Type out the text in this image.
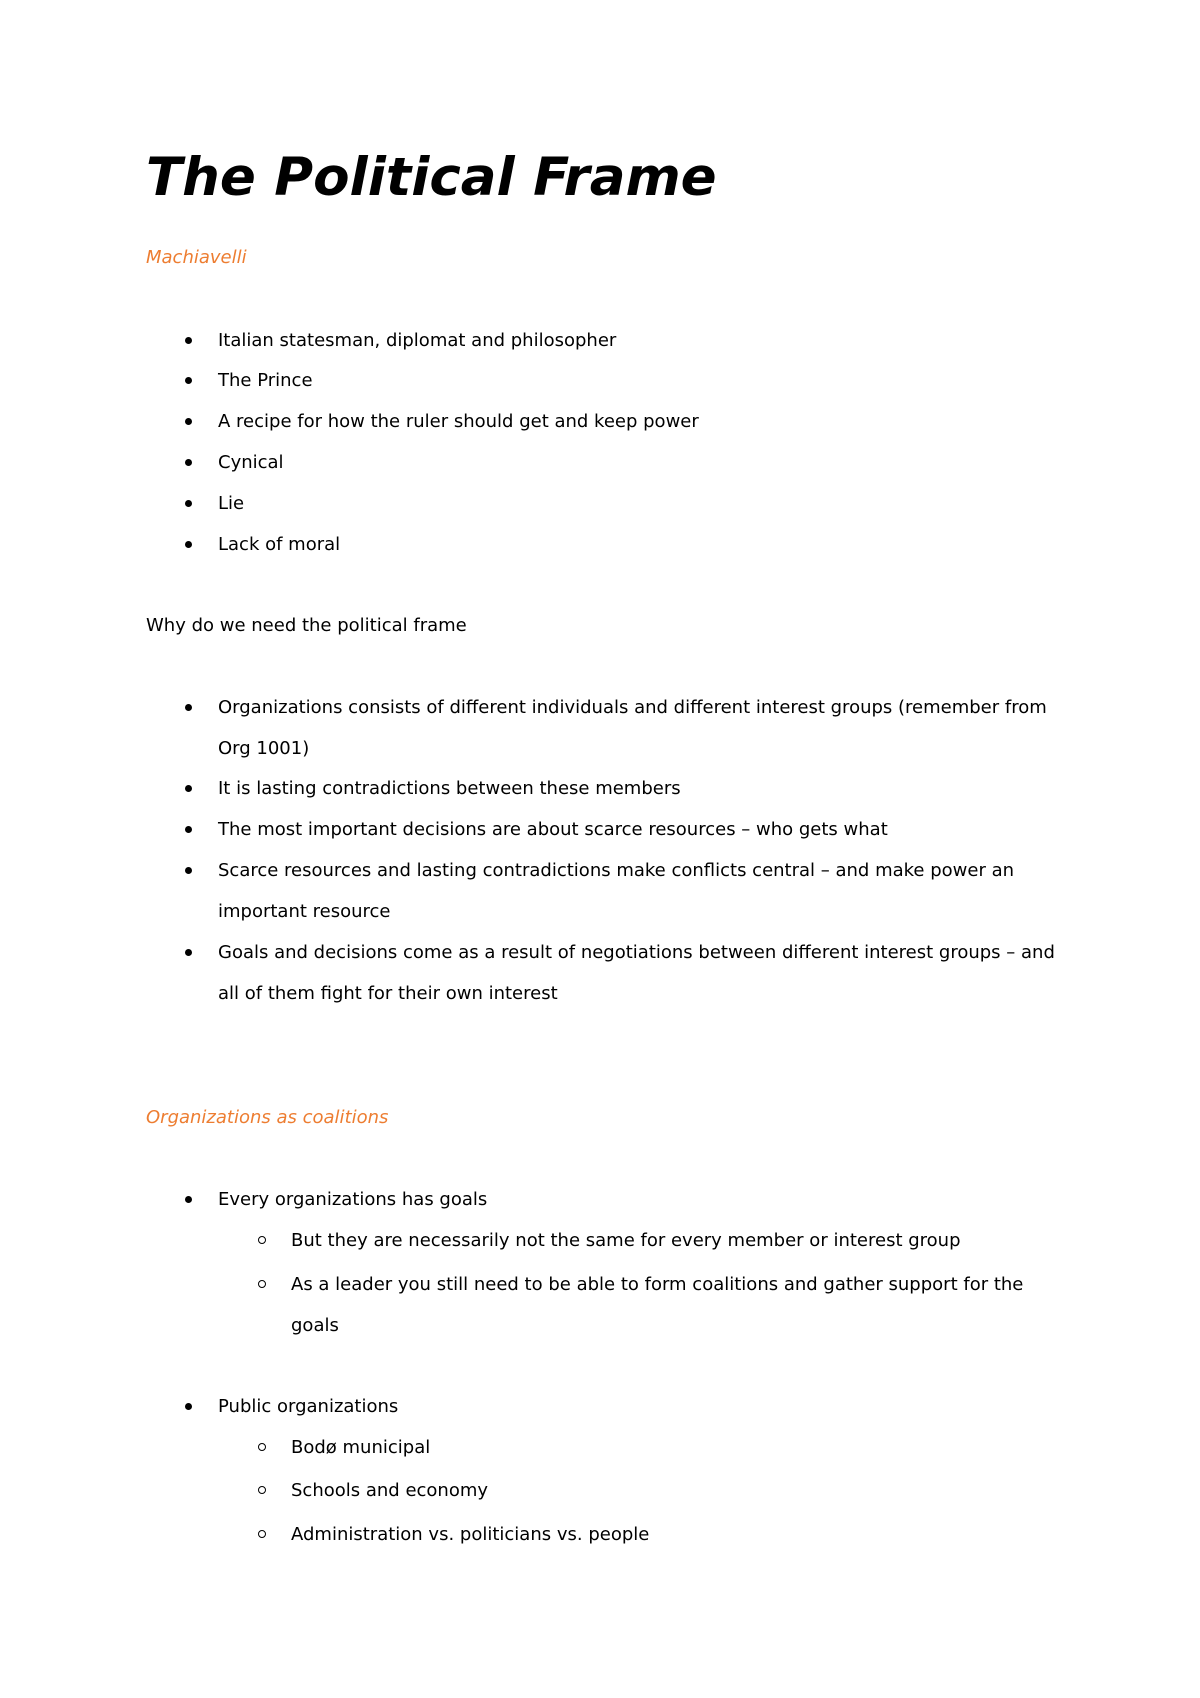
The Political Frame

Machiavelli

Italian statesman, diplomat and philosopher

The Prince

A recipe for how the ruler should get and keep power

Cynical

Lie

Lack of moral

Why do we need the political frame

Organizations consists of different individuals and different interest groups (remember from

Org 1001)

It is lasting contradictions between these members

The most important decisions are about scarce resources – who gets what

Scarce resources and lasting contradictions make conflicts central – and make power an

important resource

Goals and decisions come as a result of negotiations between different interest groups – and

all of them fight for their own interest

Organizations as coalitions

Every organizations has goals

But they are necessarily not the same for every member or interest group

As a leader you still need to be able to form coalitions and gather support for the

goals

Public organizations

Bodø municipal

Schools and economy

Administration vs. politicians vs. people
